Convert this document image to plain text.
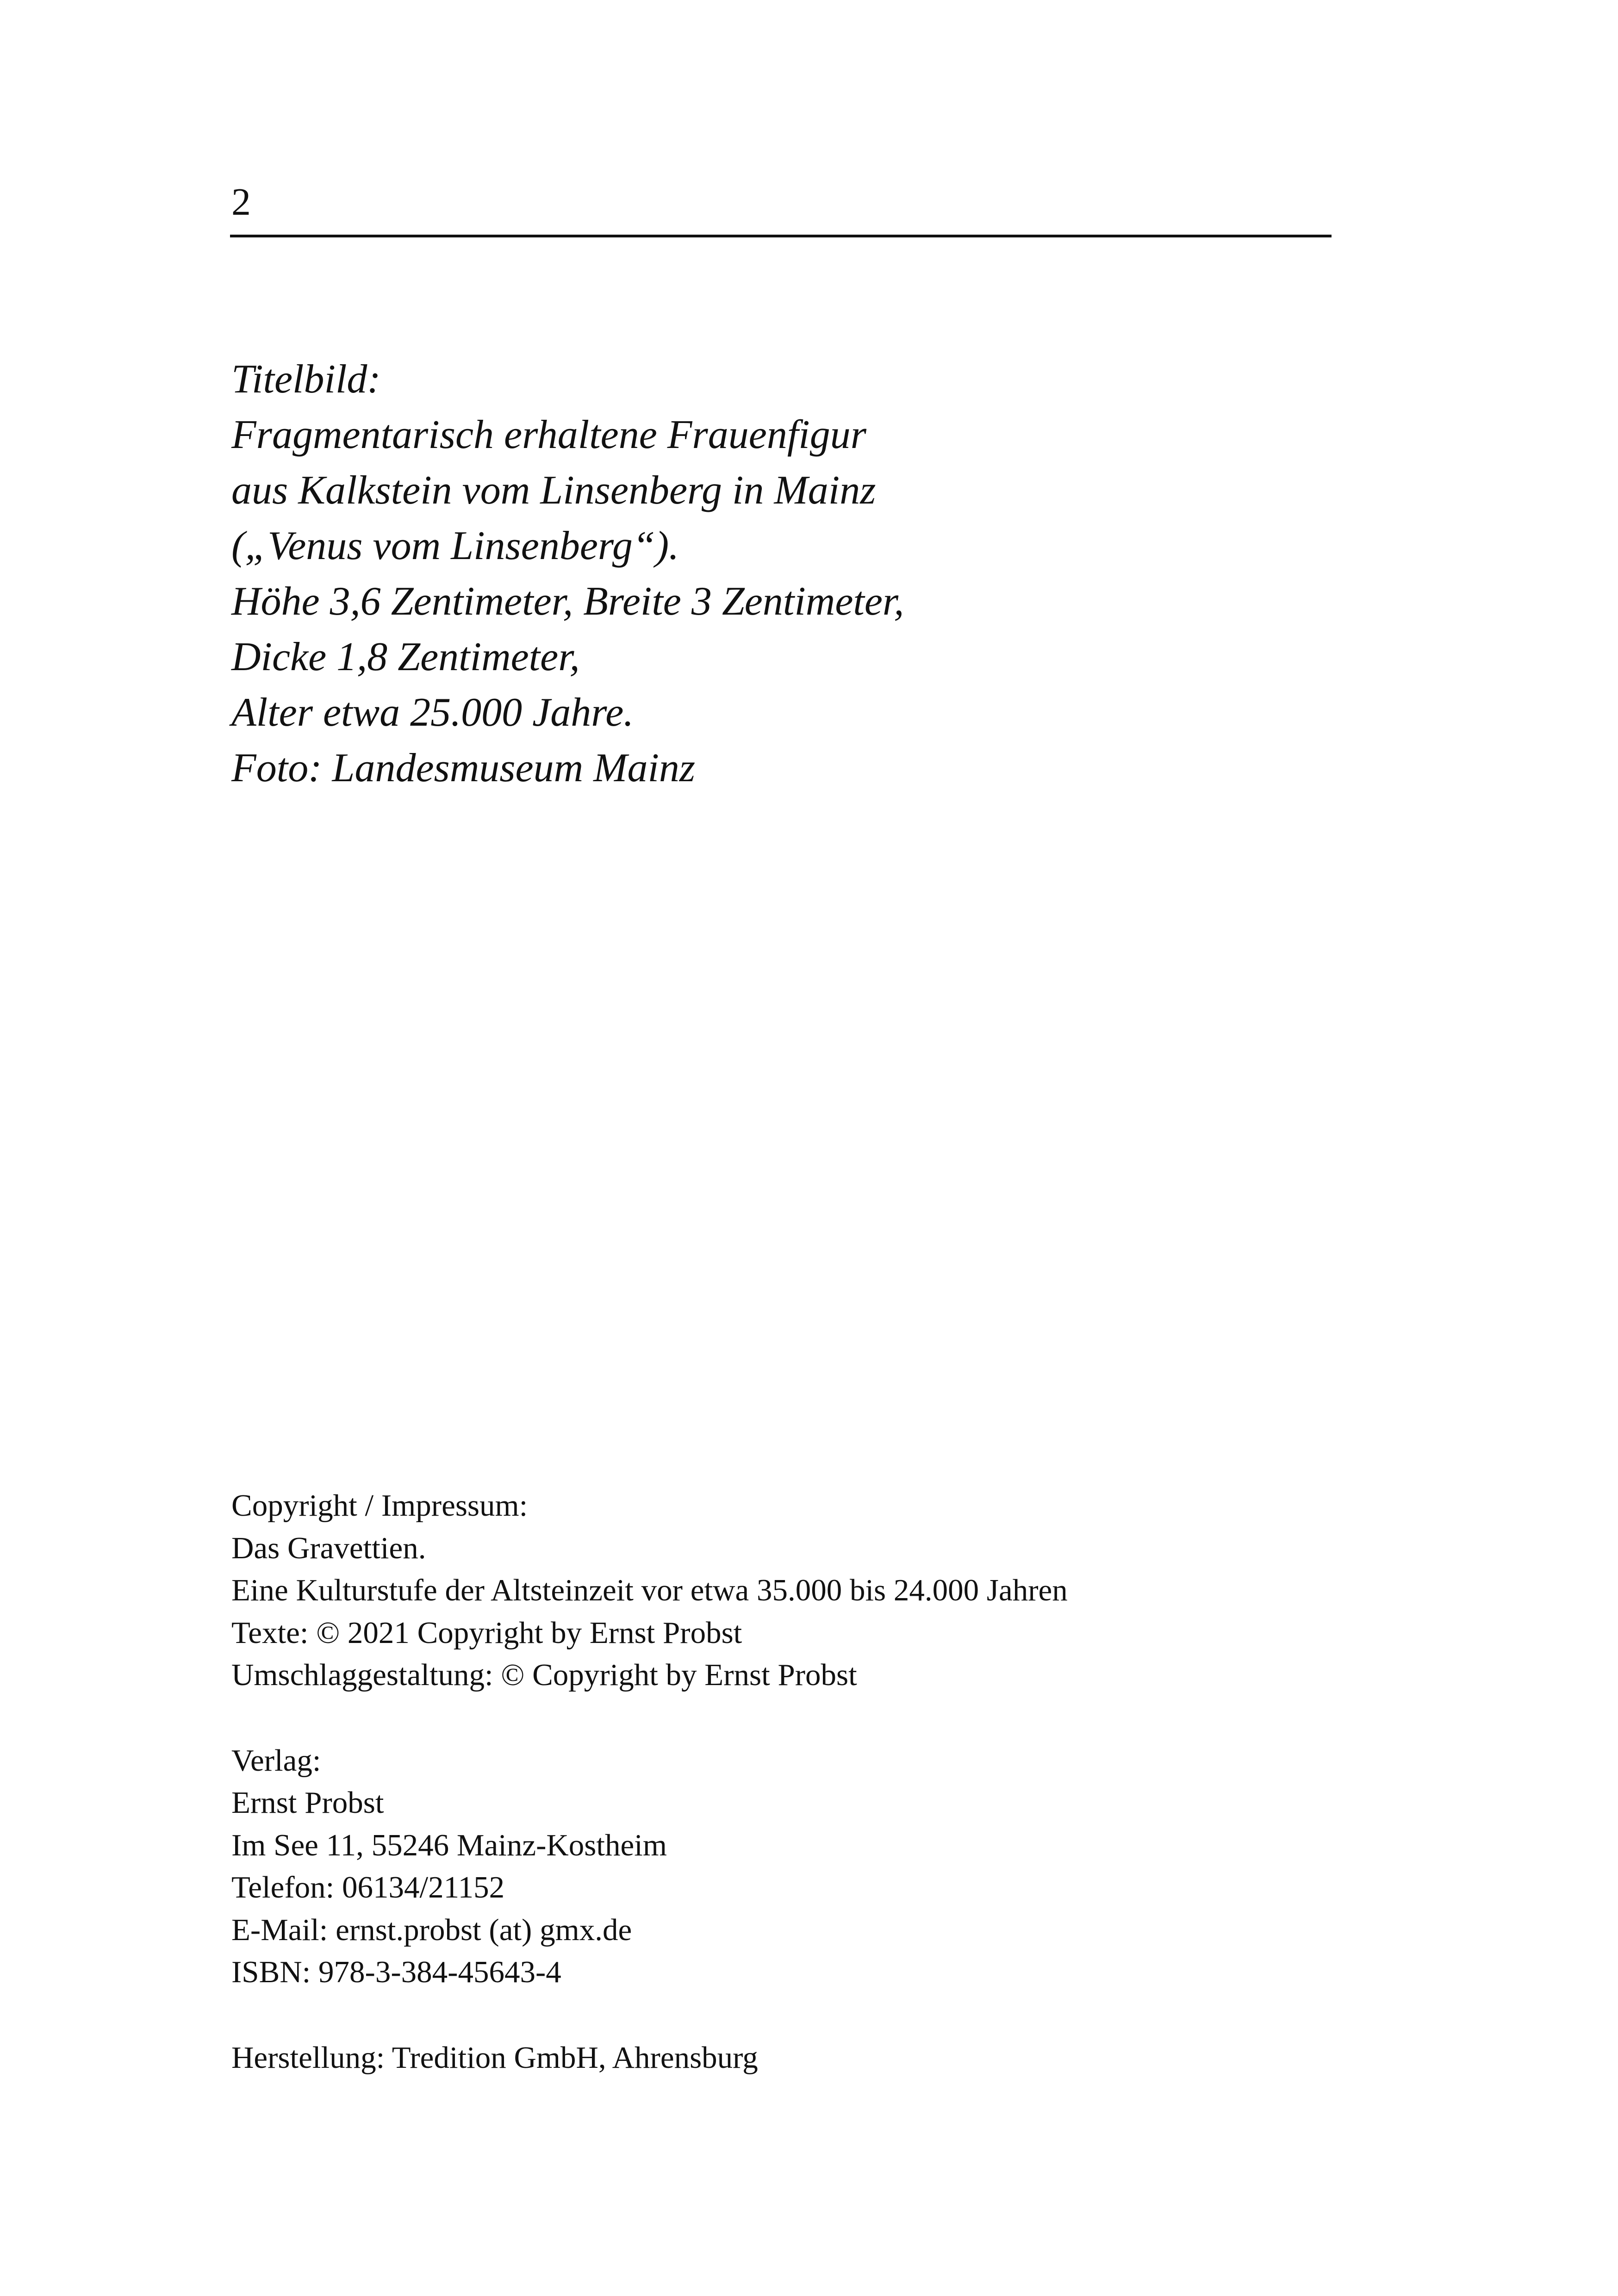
2
Titelbild:
Fragmentarisch erhaltene Frauenfigur
aus Kalkstein vom Linsenberg in Mainz
(„Venus vom Linsenberg“).
Höhe 3,6 Zentimeter, Breite 3 Zentimeter,
Dicke 1,8 Zentimeter,
Alter etwa 25.000 Jahre.
Foto: Landesmuseum Mainz
Copyright / Impressum:
Das Gravettien.
Eine Kulturstufe der Altsteinzeit vor etwa 35.000 bis 24.000 Jahren
Texte: © 2021 Copyright by Ernst Probst
Umschlaggestaltung: © Copyright by Ernst Probst
Verlag:
Ernst Probst
Im See 11, 55246 Mainz-Kostheim
Telefon: 06134/21152
E-Mail: ernst.probst (at) gmx.de
ISBN: 978-3-384-45643-4
Herstellung: Tredition GmbH, Ahrensburg
